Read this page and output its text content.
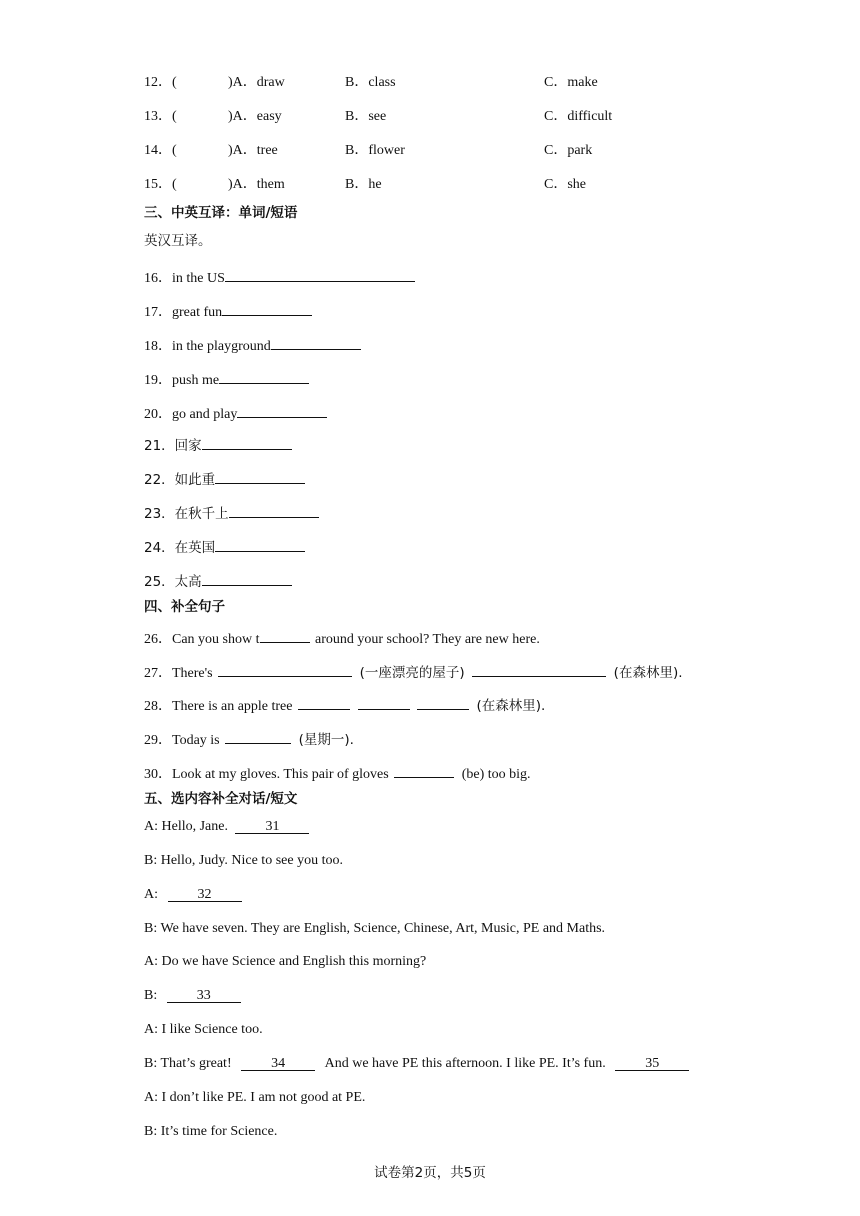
12．(	)A．draw	B．class	C．make
13．(	)A．easy	B．see	C．difficult
14．(	)A．tree	B．flower	C．park
15．(	)A．them	B．he	C．she
三、中英互译：单词/短语
英汉互译。
16．in the US
17．great fun
18．in the playground
19．push me
20．go and play
21．回家
22．如此重
23．在秋千上
24．在英国
25．太高
四、补全句子
26．Can you show t	around your school? They are new here.
27．There's	(一座漂亮的屋子)	(在森林里).
28．There is an apple tree	(在森林里).
29．Today is	(星期一).
30．Look at my gloves. This pair of gloves	(be) too big.
五、选内容补全对话/短文
A: Hello, Jane.	31
B: Hello, Judy. Nice to see you too.
A:	32
B: We have seven. They are English, Science, Chinese, Art, Music, PE and Maths.
A: Do we have Science and English this morning?
B:	33
A: I like Science too.
B: That’s great!	34	And we have PE this afternoon. I like PE. It’s fun.	35
A: I don’t like PE. I am not good at PE.
B: It’s time for Science.
试卷第2页，共5页
